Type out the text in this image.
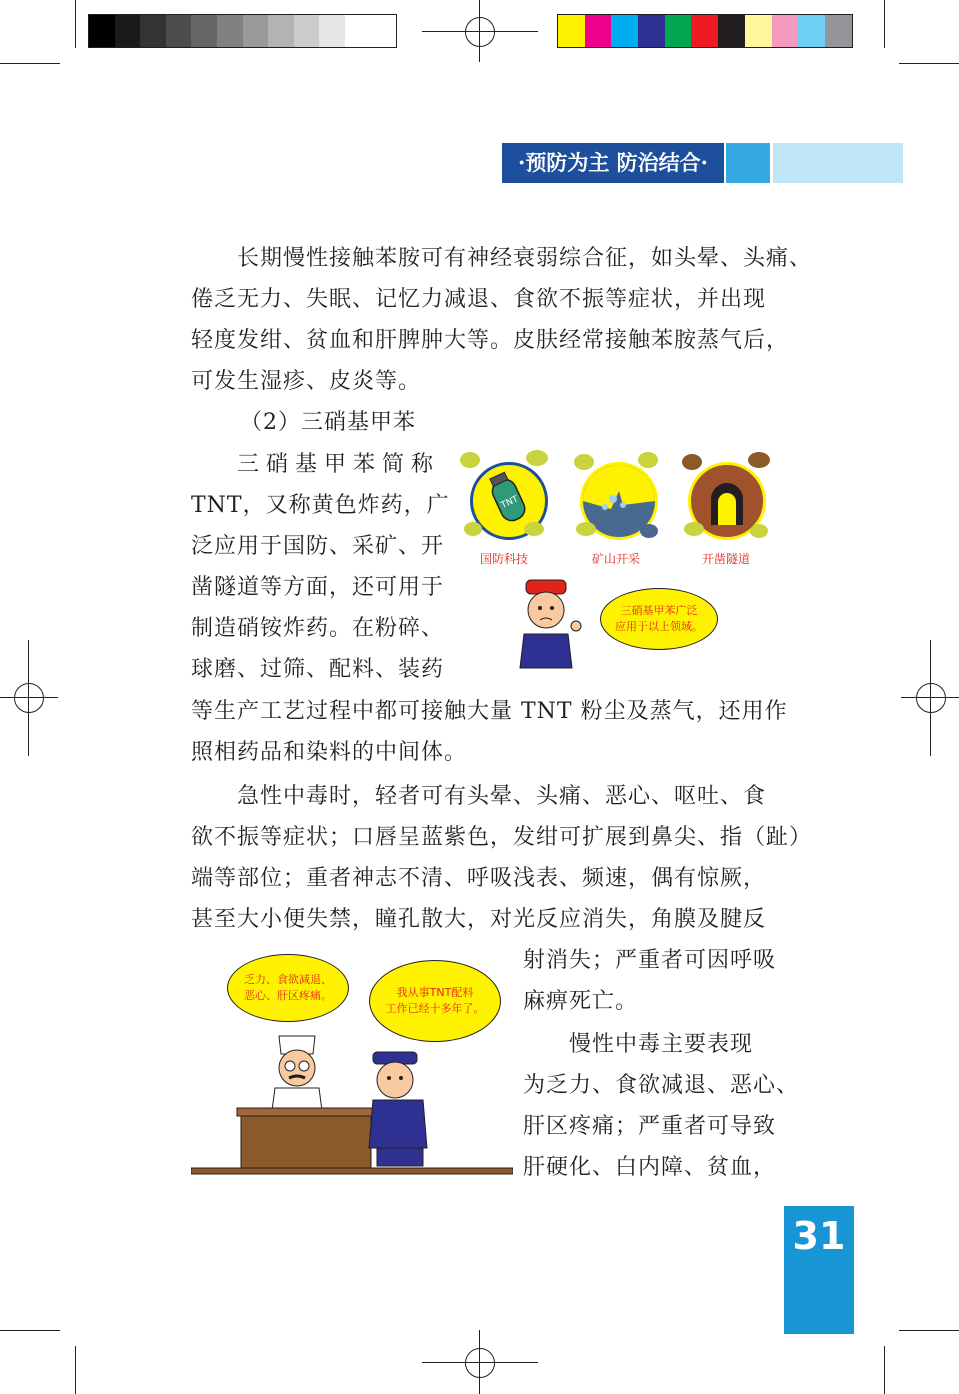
·预防为主 防治结合·
长期慢性接触苯胺可有神经衰弱综合征，如头晕、头痛、
倦乏无力、失眠、记忆力减退、食欲不振等症状，并出现
轻度发绀、贫血和肝脾肿大等。皮肤经常接触苯胺蒸气后，
可发生湿疹、皮炎等。
（2）三硝基甲苯
三 硝 基 甲 苯 简 称
TNT，又称黄色炸药，广
泛应用于国防、采矿、开
凿隧道等方面，还可用于
制造硝铵炸药。在粉碎、
球磨、过筛、配料、装药
等生产工艺过程中都可接触大量 TNT 粉尘及蒸气，还用作
照相药品和染料的中间体。
急性中毒时，轻者可有头晕、头痛、恶心、呕吐、食
欲不振等症状；口唇呈蓝紫色，发绀可扩展到鼻尖、指（趾）
端等部位；重者神志不清、呼吸浅表、频速，偶有惊厥，
甚至大小便失禁，瞳孔散大，对光反应消失，角膜及腱反
射消失；严重者可因呼吸
麻痹死亡。
慢性中毒主要表现
为乏力、食欲减退、恶心、
肝区疼痛；严重者可导致
肝硬化、白内障、贫血，
TNT
国防科技	矿山开采	开凿隧道
三硝基甲苯广泛
应用于以上领域。
乏力、食欲减退、
恶心、肝区疼痛。	我从事TNT配料
工作已经十多年了。
31
